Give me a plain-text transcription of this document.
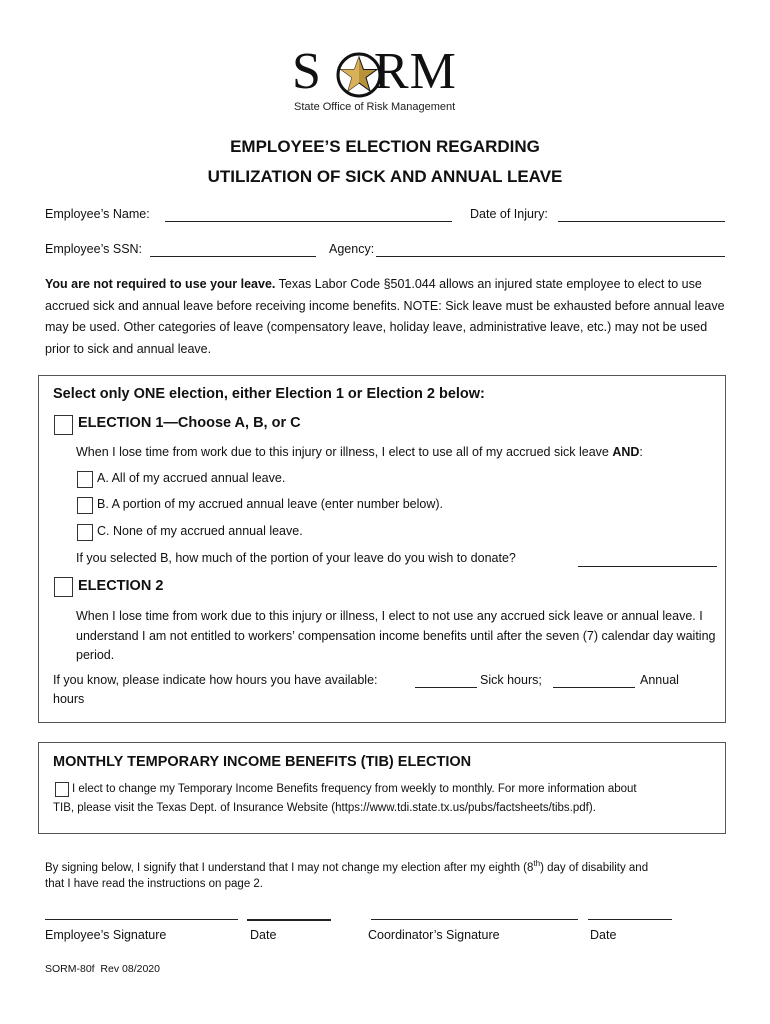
S RM
State Office of Risk Management
EMPLOYEE’S ELECTION REGARDING
UTILIZATION OF SICK AND ANNUAL LEAVE
Employee’s Name:	Date of Injury:
Employee’s SSN:	Agency:
You are not required to use your leave. Texas Labor Code §501.044 allows an injured state employee to elect to use accrued sick and annual leave before receiving income benefits. NOTE: Sick leave must be exhausted before annual leave may be used. Other categories of leave (compensatory leave, holiday leave, administrative leave, etc.) may not be used prior to sick and annual leave.
Select only ONE election, either Election 1 or Election 2 below:
ELECTION 1—Choose A, B, or C
When I lose time from work due to this injury or illness, I elect to use all of my accrued sick leave AND:
A. All of my accrued annual leave.
B. A portion of my accrued annual leave (enter number below).
C. None of my accrued annual leave.
If you selected B, how much of the portion of your leave do you wish to donate?
ELECTION 2
When I lose time from work due to this injury or illness, I elect to not use any accrued sick leave or annual leave. I understand I am not entitled to workers’ compensation income benefits until after the seven (7) calendar day waiting period.
If you know, please indicate how hours you have available:	Sick hours;	Annual
hours
MONTHLY TEMPORARY INCOME BENEFITS (TIB) ELECTION
I elect to change my Temporary Income Benefits frequency from weekly to monthly. For more information about
TIB, please visit the Texas Dept. of Insurance Website (https://www.tdi.state.tx.us/pubs/factsheets/tibs.pdf).
By signing below, I signify that I understand that I may not change my election after my eighth (8th) day of disability and
that I have read the instructions on page 2.
Employee’s Signature	Date	Coordinator’s Signature	Date
SORM-80f  Rev 08/2020
